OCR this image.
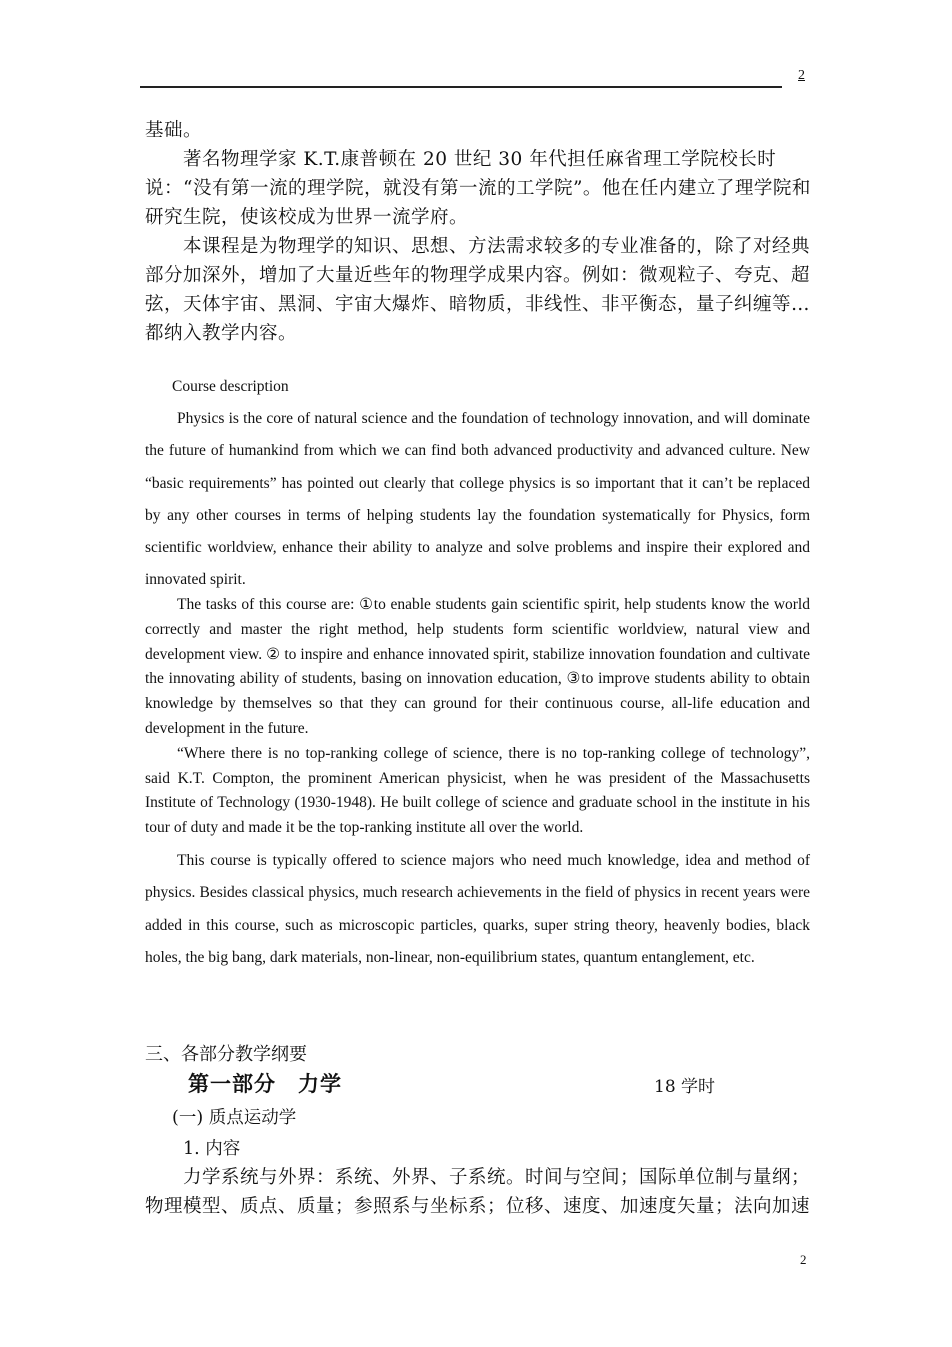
2

基础。

著名物理学家 K.T.康普顿在 20 世纪 30 年代担任麻省理工学院校长时说：“没有第一流的理学院，就没有第一流的工学院”。他在任内建立了理学院和研究生院，使该校成为世界一流学府。

本课程是为物理学的知识、思想、方法需求较多的专业准备的，除了对经典部分加深外，增加了大量近些年的物理学成果内容。例如：微观粒子、夸克、超弦，天体宇宙、黑洞、宇宙大爆炸、暗物质，非线性、非平衡态，量子纠缠等…都纳入教学内容。

Course description

Physics is the core of natural science and the foundation of technology innovation, and will dominate the future of humankind from which we can find both advanced productivity and advanced culture. New “basic requirements” has pointed out clearly that college physics is so important that it can’t be replaced by any other courses in terms of helping students lay the foundation systematically for Physics, form scientific worldview, enhance their ability to analyze and solve problems and inspire their explored and innovated spirit.

The tasks of this course are: ①to enable students gain scientific spirit, help students know the world correctly and master the right method, help students form scientific worldview, natural view and development view. ② to inspire and enhance innovated spirit, stabilize innovation foundation and cultivate the innovating ability of students, basing on innovation education, ③to improve students ability to obtain knowledge by themselves so that they can ground for their continuous course, all-life education and development in the future.

“Where there is no top-ranking college of science, there is no top-ranking college of technology”, said K.T. Compton, the prominent American physicist, when he was president of the Massachusetts Institute of Technology (1930-1948). He built college of science and graduate school in the institute in his tour of duty and made it be the top-ranking institute all over the world.

This course is typically offered to science majors who need much knowledge, idea and method of physics. Besides classical physics, much research achievements in the field of physics in recent years were added in this course, such as microscopic particles, quarks, super string theory, heavenly bodies, black holes, the big bang, dark materials, non-linear, non-equilibrium states, quantum entanglement, etc.

三、各部分教学纲要
第一部分　力学	18 学时
(一) 质点运动学
1. 内容

力学系统与外界：系统、外界、子系统。时间与空间；国际单位制与量纲；物理模型、质点、质量；参照系与坐标系；位移、速度、加速度矢量；法向加速

2
